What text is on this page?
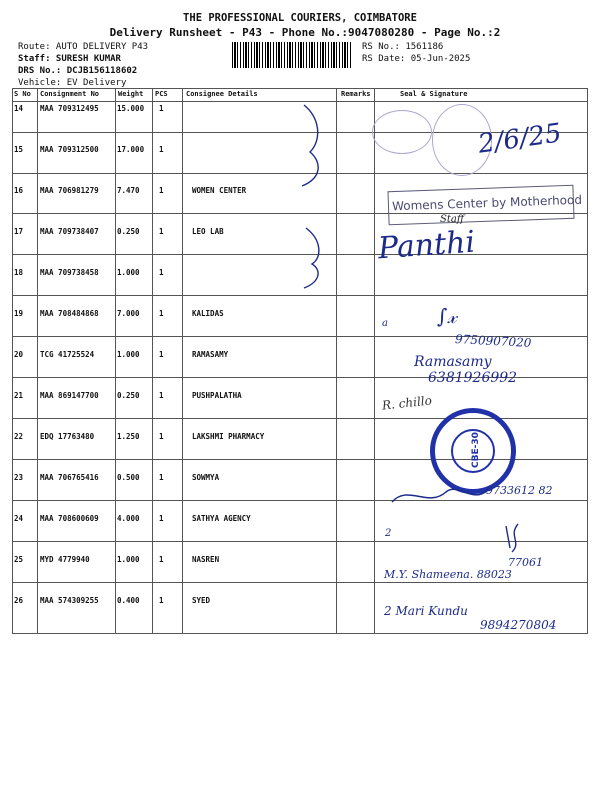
THE PROFESSIONAL COURIERS, COIMBATORE
Delivery Runsheet - P43 - Phone No.:9047080280 - Page No.:2
Route: AUTO DELIVERY P43
Staff: SURESH KUMAR
DRS No.: DCJB156118602
Vehicle: EV Delivery
RS No.: 1561186
RS Date: 05-Jun-2025
S No Consignment No	Weight PCS	Consignee Details	Remarks	Seal & Signature
14 MAA 709312495 15.000 1
15 MAA 709312500 17.000 1
16 MAA 706981279 7.470	1	WOMEN CENTER
17 MAA 709738407 0.250	1	LEO LAB
18 MAA 709738458 1.000	1
19 MAA 708484868 7.000	1	KALIDAS
20 TCG 41725524	1.000	1	RAMASAMY
21 MAA 869147700 0.250	1	PUSHPALATHA
22 EDQ 17763480	1.250	1	LAKSHMI PHARMACY
23 MAA 706765416 0.500	1	SOWMYA
24 MAA 708600609 4.000	1	SATHYA AGENCY
25 MYD 4779940	1.000	1	NASREN
26 MAA 574309255 0.400	1	SYED
2/6/25
Womens Center by Motherhood
Staff
Panthi
∫𝓍
a
9750907020
Ramasamy
6381926992
R. chillo
CBE-30
9733612 82
2
77061
M.Y. Shameena. 88023
2 Mari Kundu
9894270804
